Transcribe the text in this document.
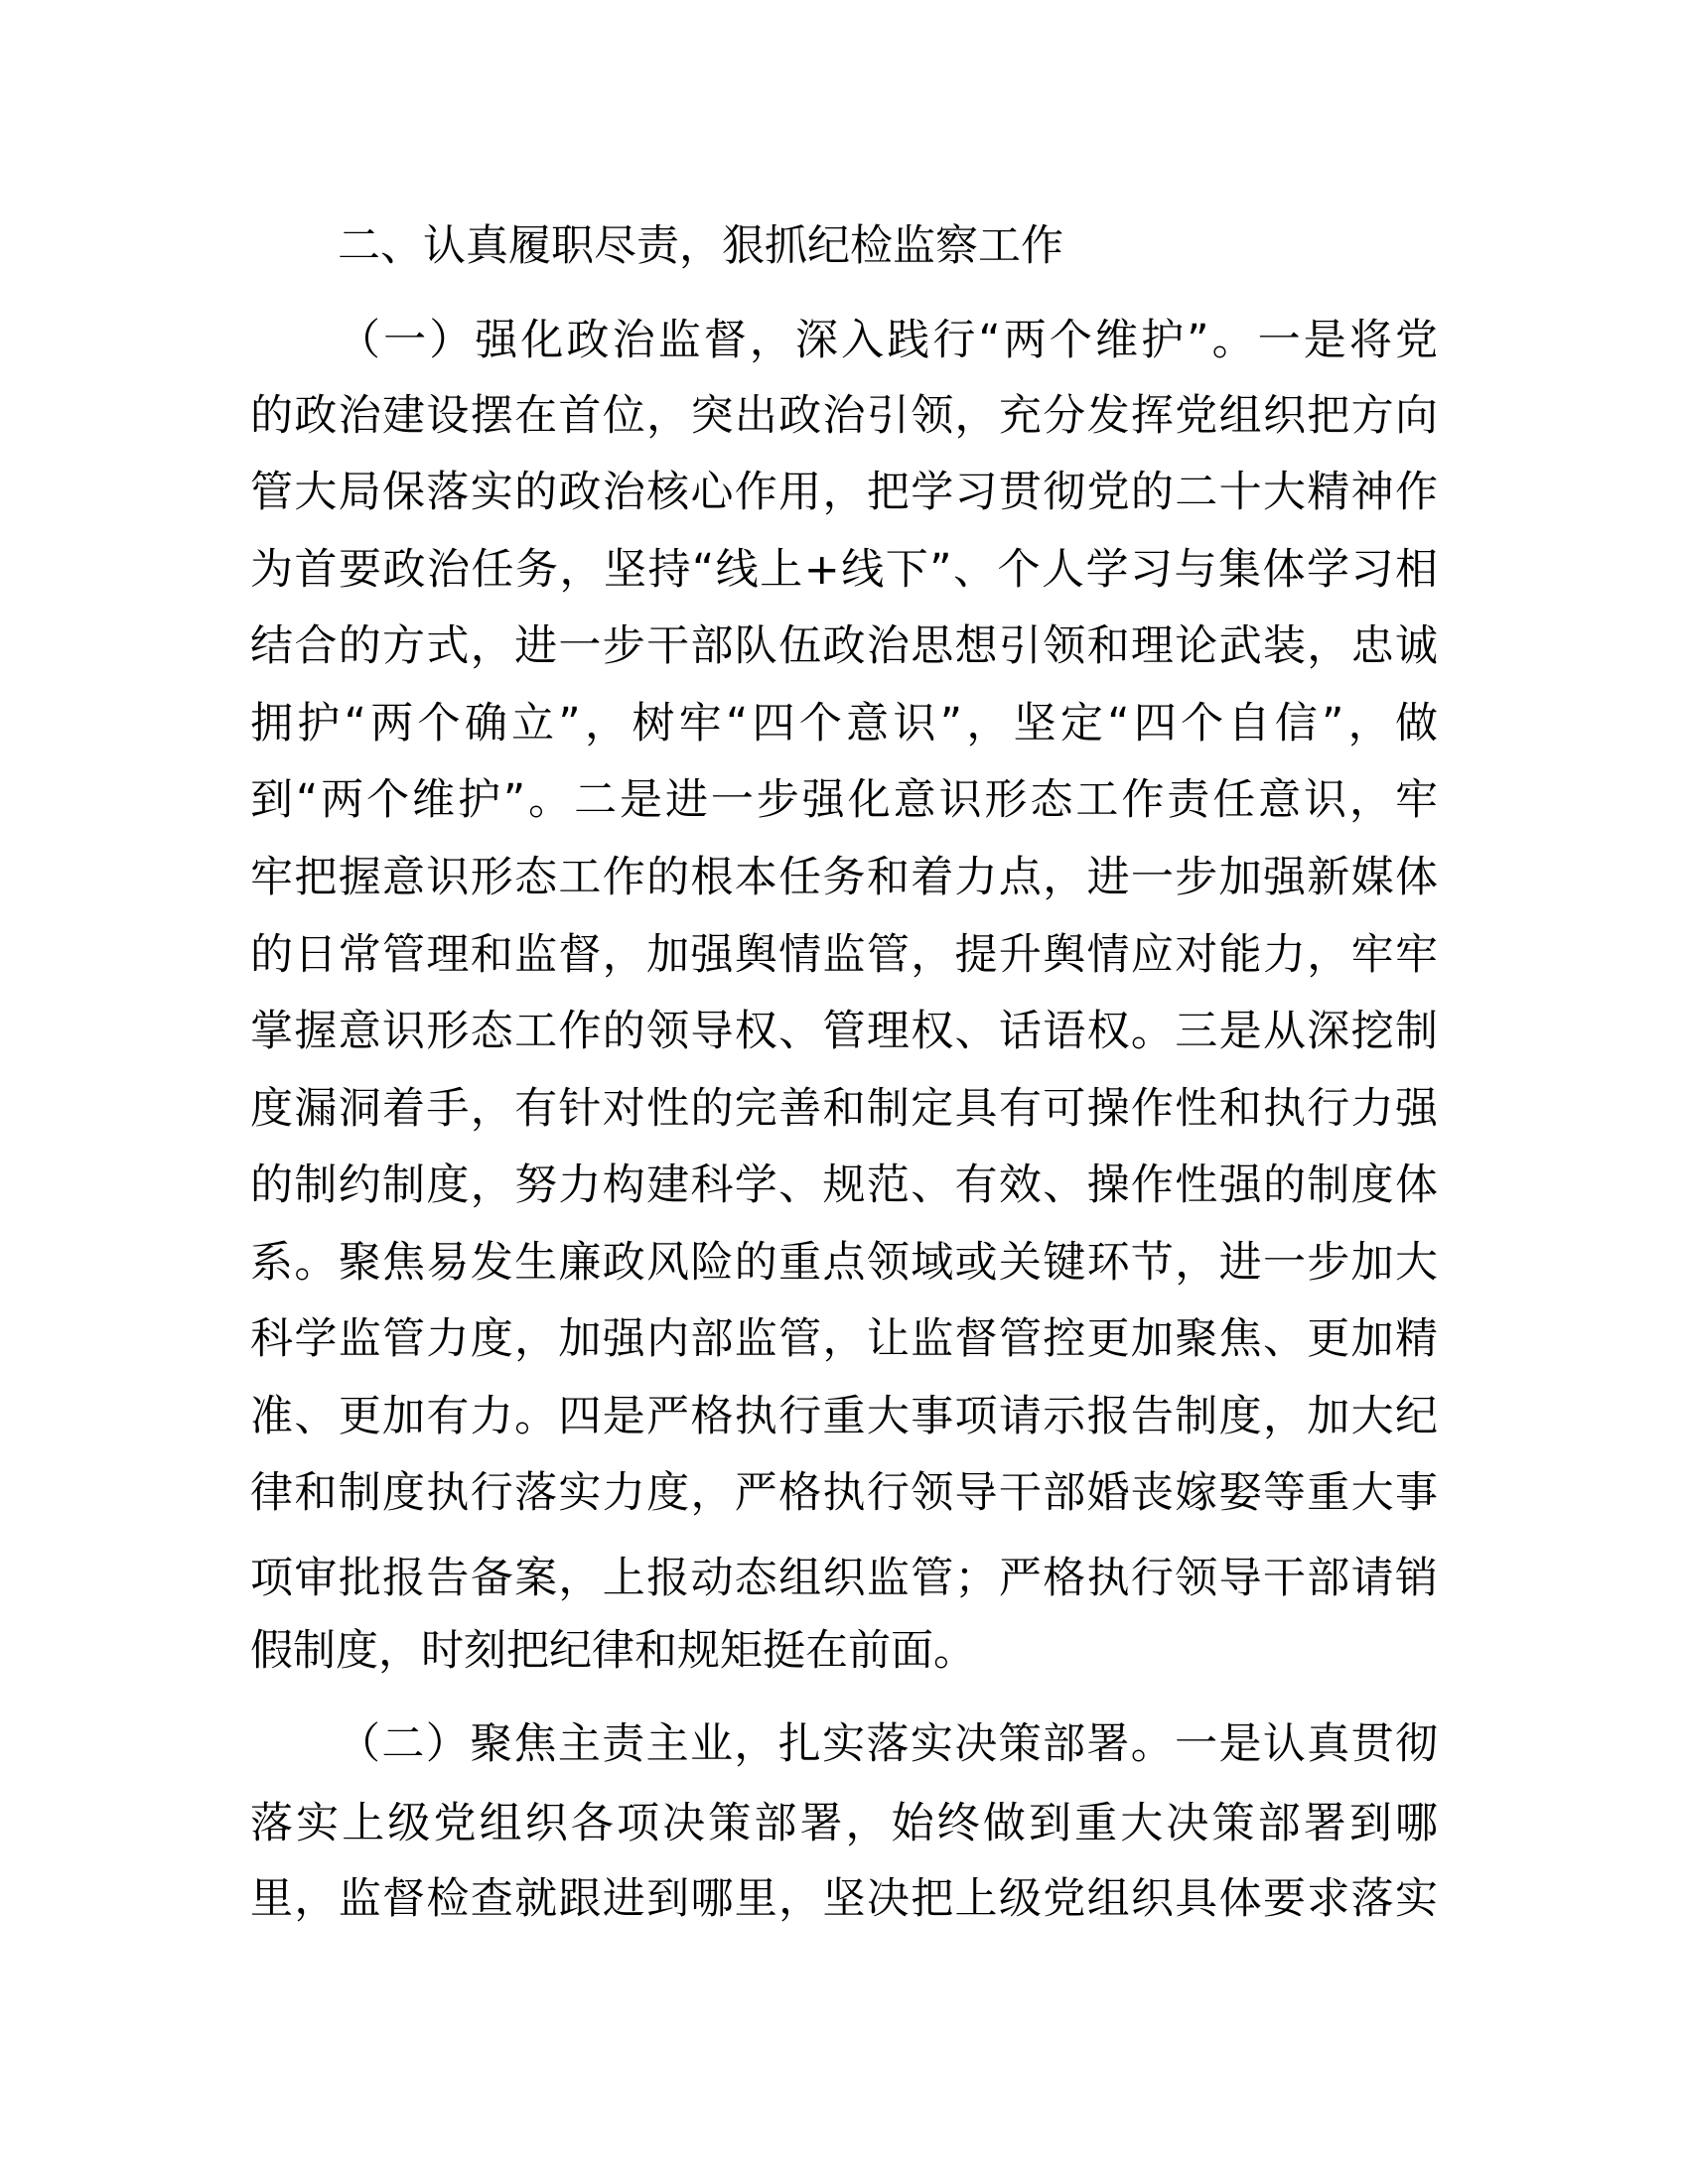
二、认真履职尽责，狠抓纪检监察工作
（一）强化政治监督，深入践行“两个维护”。一是将党
的政治建设摆在首位，突出政治引领，充分发挥党组织把方向
管大局保落实的政治核心作用，把学习贯彻党的二十大精神作
为首要政治任务，坚持“线上+线下”、个人学习与集体学习相
结合的方式，进一步干部队伍政治思想引领和理论武装，忠诚
拥护“两个确立”，树牢“四个意识”，坚定“四个自信”，做
到“两个维护”。二是进一步强化意识形态工作责任意识，牢
牢把握意识形态工作的根本任务和着力点，进一步加强新媒体
的日常管理和监督，加强舆情监管，提升舆情应对能力，牢牢
掌握意识形态工作的领导权、管理权、话语权。三是从深挖制
度漏洞着手，有针对性的完善和制定具有可操作性和执行力强
的制约制度，努力构建科学、规范、有效、操作性强的制度体
系。聚焦易发生廉政风险的重点领域或关键环节，进一步加大
科学监管力度，加强内部监管，让监督管控更加聚焦、更加精
准、更加有力。四是严格执行重大事项请示报告制度，加大纪
律和制度执行落实力度，严格执行领导干部婚丧嫁娶等重大事
项审批报告备案，上报动态组织监管；严格执行领导干部请销
假制度，时刻把纪律和规矩挺在前面。
（二）聚焦主责主业，扎实落实决策部署。一是认真贯彻
落实上级党组织各项决策部署，始终做到重大决策部署到哪
里，监督检查就跟进到哪里，坚决把上级党组织具体要求落实
